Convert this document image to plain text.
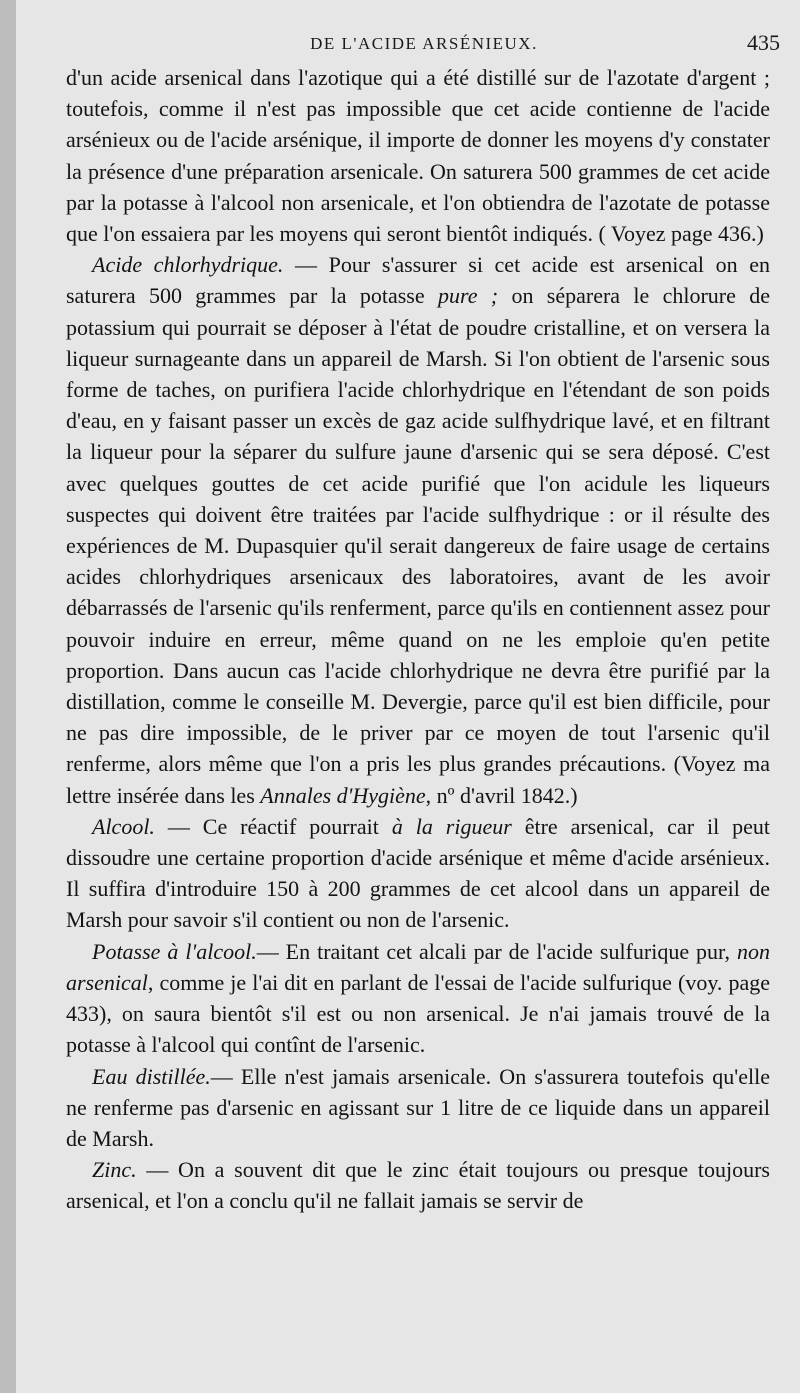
DE L'ACIDE ARSÉNIEUX.	435

d'un acide arsenical dans l'azotique qui a été distillé sur de l'azotate d'argent ; toutefois, comme il n'est pas impossible que cet acide contienne de l'acide arsénieux ou de l'acide arsénique, il importe de donner les moyens d'y constater la présence d'une préparation arsenicale. On saturera 500 grammes de cet acide par la potasse à l'alcool non arsenicale, et l'on obtiendra de l'azotate de potasse que l'on essaiera par les moyens qui seront bientôt indiqués. ( Voyez page 436.)

Acide chlorhydrique. — Pour s'assurer si cet acide est arsenical on en saturera 500 grammes par la potasse pure ; on séparera le chlorure de potassium qui pourrait se déposer à l'état de poudre cristalline, et on versera la liqueur surnageante dans un appareil de Marsh. Si l'on obtient de l'arsenic sous forme de taches, on purifiera l'acide chlorhydrique en l'étendant de son poids d'eau, en y faisant passer un excès de gaz acide sulfhydrique lavé, et en filtrant la liqueur pour la séparer du sulfure jaune d'arsenic qui se sera déposé. C'est avec quelques gouttes de cet acide purifié que l'on acidule les liqueurs suspectes qui doivent être traitées par l'acide sulfhydrique : or il résulte des expériences de M. Dupasquier qu'il serait dangereux de faire usage de certains acides chlorhydriques arsenicaux des laboratoires, avant de les avoir débarrassés de l'arsenic qu'ils renferment, parce qu'ils en contiennent assez pour pouvoir induire en erreur, même quand on ne les emploie qu'en petite proportion. Dans aucun cas l'acide chlorhydrique ne devra être purifié par la distillation, comme le conseille M. Devergie, parce qu'il est bien difficile, pour ne pas dire impossible, de le priver par ce moyen de tout l'arsenic qu'il renferme, alors même que l'on a pris les plus grandes précautions. (Voyez ma lettre insérée dans les Annales d'Hygiène, nº d'avril 1842.)

Alcool. — Ce réactif pourrait à la rigueur être arsenical, car il peut dissoudre une certaine proportion d'acide arsénique et même d'acide arsénieux. Il suffira d'introduire 150 à 200 grammes de cet alcool dans un appareil de Marsh pour savoir s'il contient ou non de l'arsenic.

Potasse à l'alcool.— En traitant cet alcali par de l'acide sulfurique pur, non arsenical, comme je l'ai dit en parlant de l'essai de l'acide sulfurique (voy. page 433), on saura bientôt s'il est ou non arsenical. Je n'ai jamais trouvé de la potasse à l'alcool qui contînt de l'arsenic.

Eau distillée.— Elle n'est jamais arsenicale. On s'assurera toutefois qu'elle ne renferme pas d'arsenic en agissant sur 1 litre de ce liquide dans un appareil de Marsh.

Zinc. — On a souvent dit que le zinc était toujours ou presque toujours arsenical, et l'on a conclu qu'il ne fallait jamais se servir de
